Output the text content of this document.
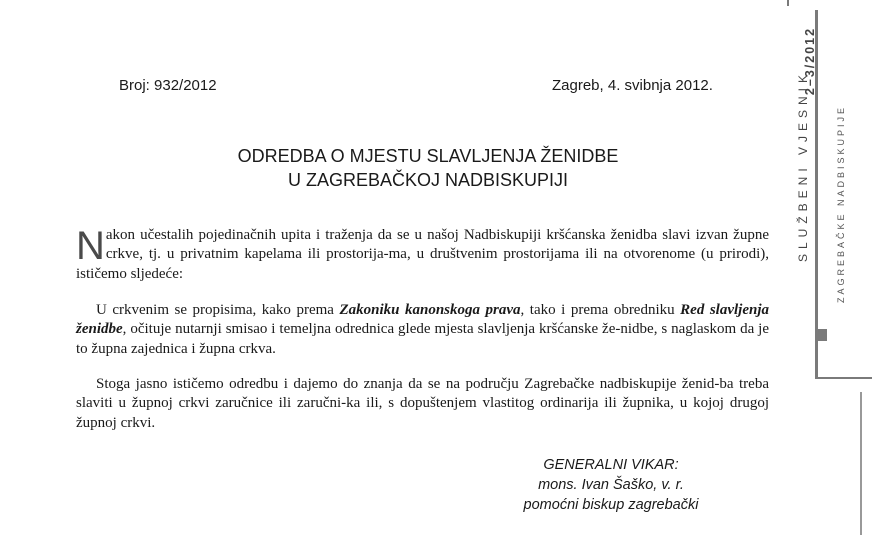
Broj: 932/2012	Zagreb, 4. svibnja 2012.
ODREDBA O MJESTU SLAVLJENJA ŽENIDBE
U ZAGREBAČKOJ NADBISKUPIJI

Nakon učestalih pojedinačnih upita i traženja da se u našoj Nadbiskupiji kršćanska ženidba slavi izvan župne crkve, tj. u privatnim kapelama ili prostorija-ma, u društvenim prostorijama ili na otvorenome (u prirodi), ističemo sljedeće:

U crkvenim se propisima, kako prema Zakoniku kanonskoga prava, tako i prema obredniku Red slavljenja ženidbe, očituje nutarnji smisao i temeljna odrednica glede mjesta slavljenja kršćanske že-nidbe, s naglaskom da je to župna zajednica i župna crkva.

Stoga jasno ističemo odredbu i dajemo do znanja da se na području Zagrebačke nadbiskupije ženid-ba treba slaviti u župnoj crkvi zaručnice ili zaručni-ka ili, s dopuštenjem vlastitog ordinarija ili župnika, u kojoj drugoj župnoj crkvi.

GENERALNI VIKAR:
mons. Ivan Šaško, v. r.
pomoćni biskup zagrebački
SLUŽBENI VJESNIK
2–3/2012
ZAGREBAČKE NADBISKUPIJE
